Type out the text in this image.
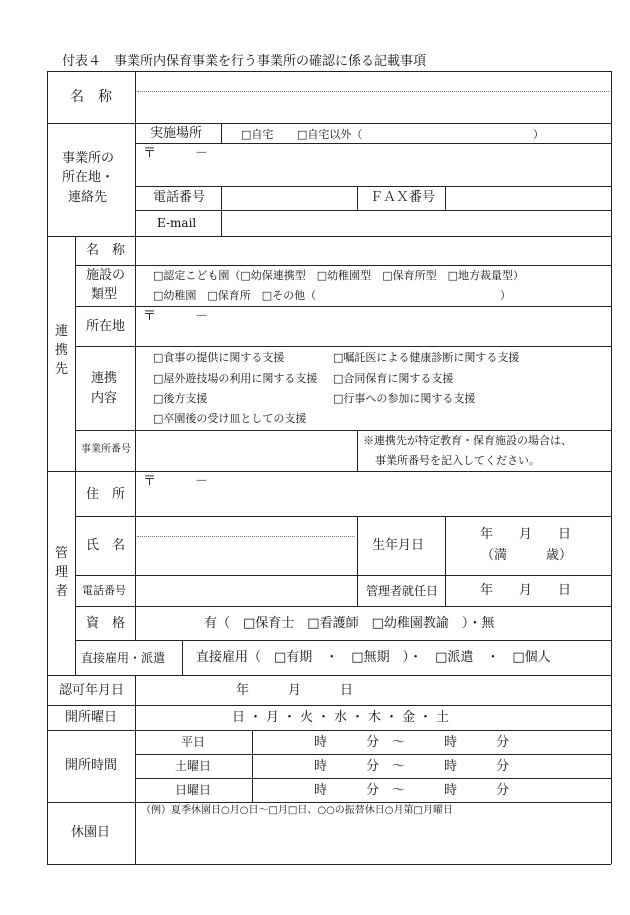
付表４　事業所内保育事業を行う事業所の確認に係る記載事項
名　称
事業所の
所在地・
連絡先
実施場所	□自宅 □自宅以外（	）
〒	－
電話番号	ＦＡＸ番号
E-mail
連
携
先
名　称
施設の
類型
□認定こども園（□幼保連携型　□幼稚園型　□保育所型　□地方裁量型）
□幼稚園　□保育所　□その他（	）
所在地
〒	－
連携
内容
□食事の提供に関する支援	□嘱託医による健康診断に関する支援
□屋外遊技場の利用に関する支援 □合同保育に関する支援
□後方支援	□行事への参加に関する支援
□卒園後の受け皿としての支援
事業所番号
※連携先が特定教育・保育施設の場合は、
事業所番号を記入してください。
管
理
者
住　所
〒	－
氏　名	生年月日
年　　月　　日
（満　　　歳）
電話番号	管理者就任日	年　　月　　日
資　格	有（　□保育士　□看護師　□幼稚園教諭　）・無
直接雇用・派遣 直接雇用（　□有期　・　□無期　）・　□派遣　・　□個人
認可年月日	年　　　月　　　日
開所曜日	日・月・火・水・木・金・土
開所時間
平日	時　　　分　～　　　時　　　分
土曜日	時　　　分　～　　　時　　　分
日曜日	時　　　分　～　　　時　　　分
休園日
（例）夏季休園日○月○日～□月□日、○○の振替休日○月第□月曜日
